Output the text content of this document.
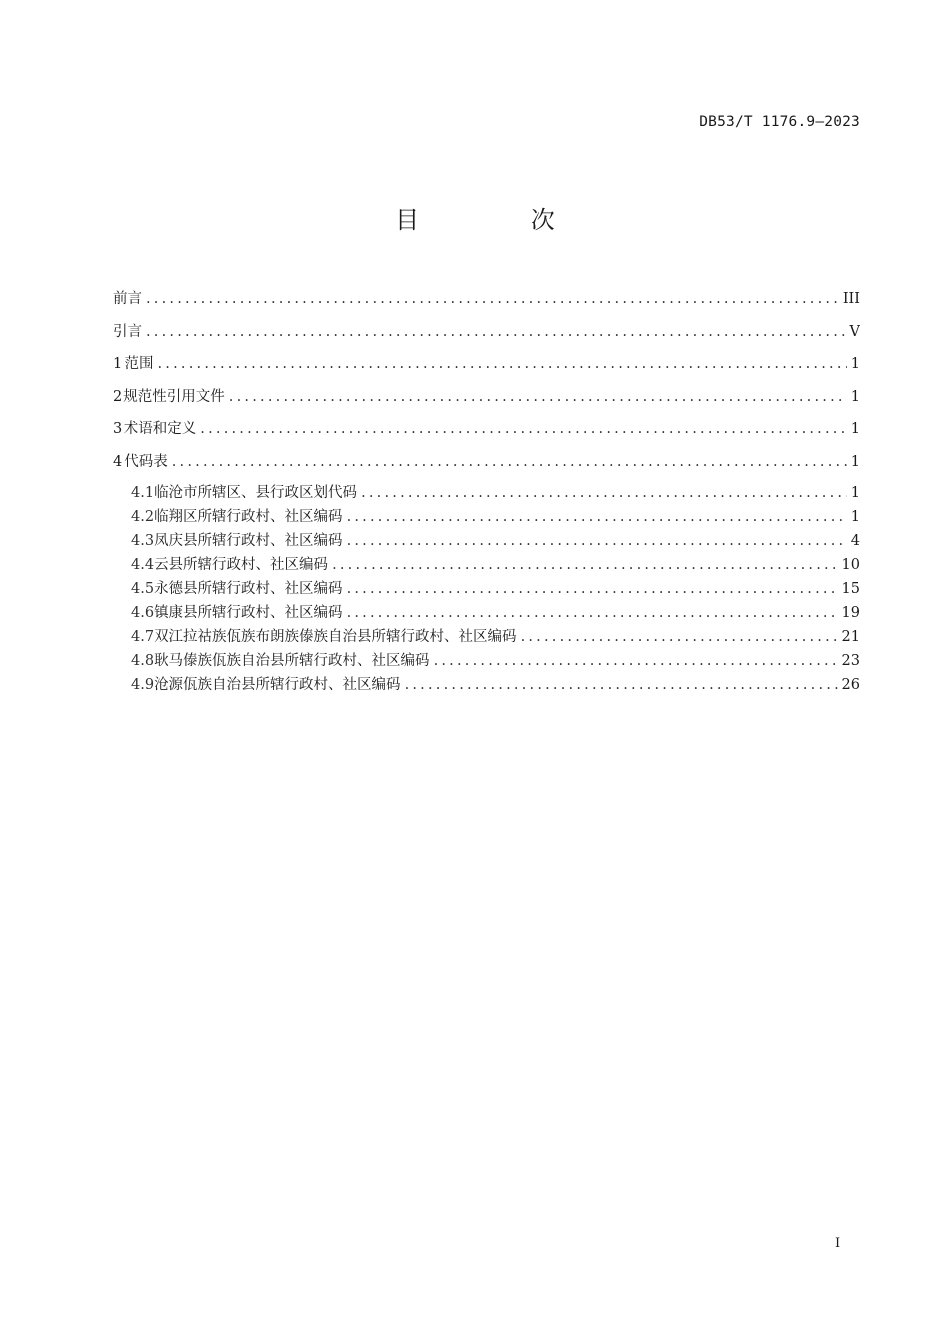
DB53/T 1176.9—2023
目 次
前言 .....	III
引言 .....	V
1 范围 .....	1
2 规范性引用文件 .....	1
3 术语和定义 .....	1
4 代码表 .....	1
4.1 临沧市所辖区、县行政区划代码 .....	1
4.2 临翔区所辖行政村、社区编码 .....	1
4.3 凤庆县所辖行政村、社区编码 .....	4
4.4 云县所辖行政村、社区编码 .....	10
4.5 永德县所辖行政村、社区编码 .....	15
4.6 镇康县所辖行政村、社区编码 .....	19
4.7 双江拉祜族佤族布朗族傣族自治县所辖行政村、社区编码 .....	21
4.8 耿马傣族佤族自治县所辖行政村、社区编码 .....	23
4.9 沧源佤族自治县所辖行政村、社区编码 .....	26
I
